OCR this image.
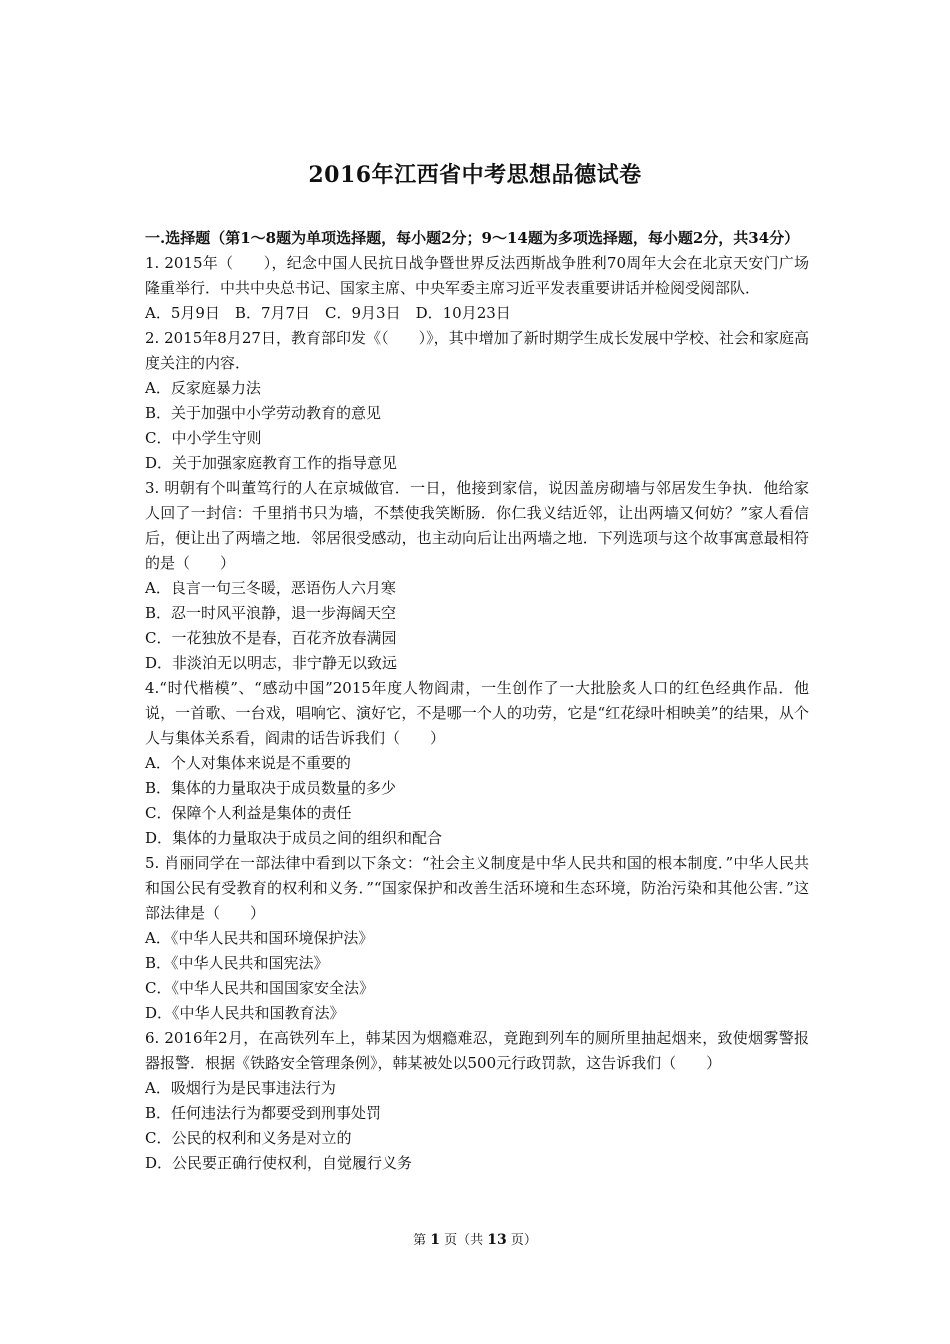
2016年江西省中考思想品德试卷

一.选择题（第1～8题为单项选择题，每小题2分；9～14题为多项选择题，每小题2分，共34分）

1. 2015年（　　），纪念中国人民抗日战争暨世界反法西斯战争胜利70周年大会在北京天安门广场隆重举行．中共中央总书记、国家主席、中央军委主席习近平发表重要讲话并检阅受阅部队．

A．5月9日　B．7月7日　C．9月3日　D．10月23日

2. 2015年8月27日，教育部印发《（　　）》，其中增加了新时期学生成长发展中学校、社会和家庭高度关注的内容．

A．反家庭暴力法

B．关于加强中小学劳动教育的意见

C．中小学生守则

D．关于加强家庭教育工作的指导意见

3. 明朝有个叫董笃行的人在京城做官．一日，他接到家信，说因盖房砌墙与邻居发生争执．他给家人回了一封信：千里捎书只为墙，不禁使我笑断肠．你仁我义结近邻，让出两墙又何妨？”家人看信后，便让出了两墙之地．邻居很受感动，也主动向后让出两墙之地．下列选项与这个故事寓意最相符的是（　　）

A．良言一句三冬暖，恶语伤人六月寒

B．忍一时风平浪静，退一步海阔天空

C．一花独放不是春，百花齐放春满园

D．非淡泊无以明志，非宁静无以致远

4.“时代楷模”、“感动中国”2015年度人物阎肃，一生创作了一大批脍炙人口的红色经典作品．他说，一首歌、一台戏，唱响它、演好它，不是哪一个人的功劳，它是“红花绿叶相映美”的结果，从个人与集体关系看，阎肃的话告诉我们（　　）

A．个人对集体来说是不重要的

B．集体的力量取决于成员数量的多少

C．保障个人利益是集体的责任

D．集体的力量取决于成员之间的组织和配合

5. 肖丽同学在一部法律中看到以下条文：“社会主义制度是中华人民共和国的根本制度．”中华人民共和国公民有受教育的权利和义务．”“国家保护和改善生活环境和生态环境，防治污染和其他公害．”这部法律是（　　）

A．《中华人民共和国环境保护法》

B．《中华人民共和国宪法》

C．《中华人民共和国国家安全法》

D．《中华人民共和国教育法》

6. 2016年2月，在高铁列车上，韩某因为烟瘾难忍，竟跑到列车的厕所里抽起烟来，致使烟雾警报器报警．根据《铁路安全管理条例》，韩某被处以500元行政罚款，这告诉我们（　　）

A．吸烟行为是民事违法行为

B．任何违法行为都要受到刑事处罚

C．公民的权利和义务是对立的

D．公民要正确行使权利，自觉履行义务

第 1 页（共 13 页）
